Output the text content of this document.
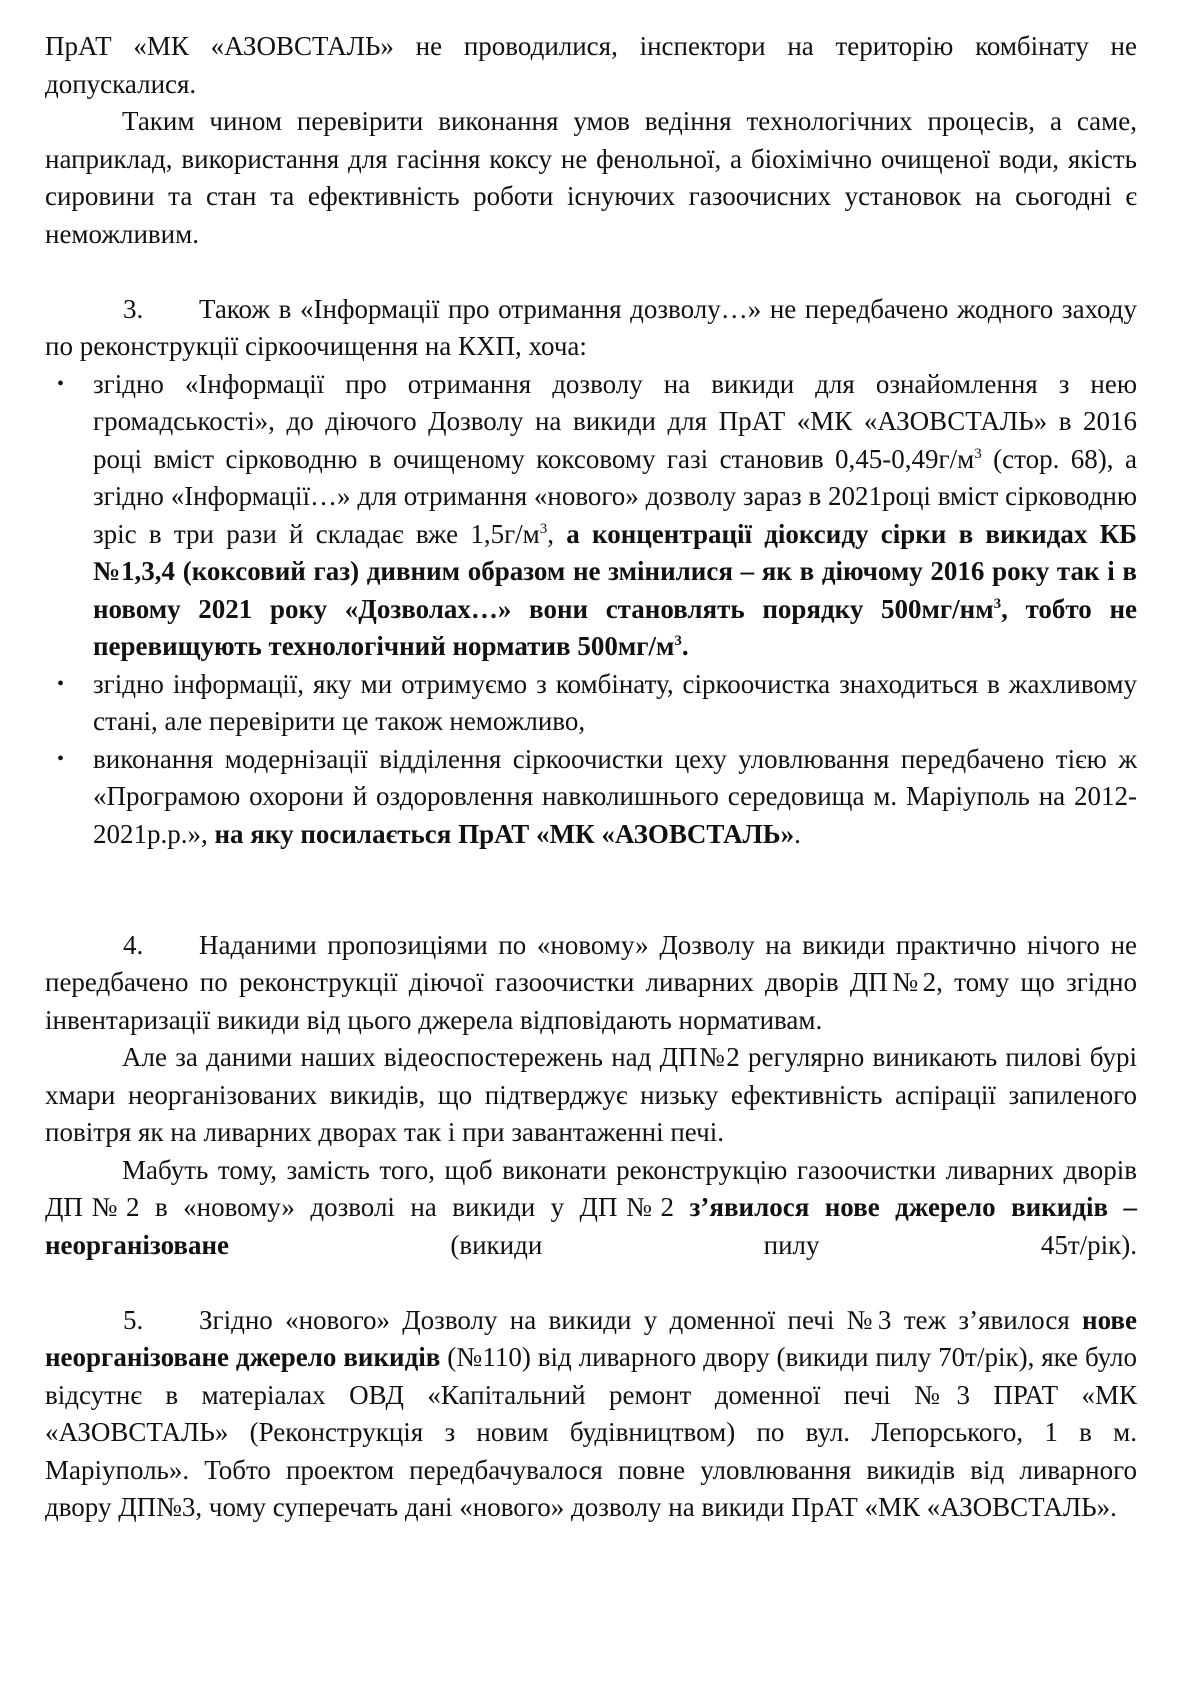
ПрАТ «МК «АЗОВСТАЛЬ» не проводилися, інспектори на територію комбінату не допускалися.

Таким чином перевірити виконання умов ведіння технологічних процесів, а саме, наприклад, використання для гасіння коксу не фенольної, а біохімічно очищеної води, якість сировини та стан та ефективність роботи існуючих газоочисних установок на сьогодні є неможливим.

3. Також в «Інформації про отримання дозволу…» не передбачено жодного заходу по реконструкції сіркоочищення на КХП, хоча:

• згідно «Інформації про отримання дозволу на викиди для ознайомлення з нею громадськості», до діючого Дозволу на викиди для ПрАТ «МК «АЗОВСТАЛЬ» в 2016 році вміст сірководню в очищеному коксовому газі становив $0,45-0,49г/м^3$ (стор. 68), а згідно «Інформації…» для отримання «нового» дозволу зараз в 2021році вміст сірководню зріс в три рази й складає вже $1,5г/м^3$, а концентрації діоксиду сірки в викидах КБ №1,3,4 (коксовий газ) дивним образом не змінилися – як в діючому 2016 року так і в новому 2021 року «Дозволах…» вони становлять порядку $500мг/нм^3$, тобто не перевищують технологічний норматив $500мг/м^3$.
• згідно інформації, яку ми отримуємо з комбінату, сіркоочистка знаходиться в жахливому стані, але перевірити це також неможливо,
• виконання модернізації відділення сіркоочистки цеху уловлювання передбачено тією ж «Програмою охорони й оздоровлення навколишнього середовища м. Маріуполь на 2012-2021р.р.», на яку посилається ПрАТ «МК «АЗОВСТАЛЬ».

4. Наданими пропозиціями по «новому» Дозволу на викиди практично нічого не передбачено по реконструкції діючої газоочистки ливарних дворів ДП№2, тому що згідно інвентаризації викиди від цього джерела відповідають нормативам.

Але за даними наших відеоспостережень над ДП№2 регулярно виникають пилові бурі хмари неорганізованих викидів, що підтверджує низьку ефективність аспірації запиленого повітря як на ливарних дворах так і при завантаженні печі.

Мабуть тому, замість того, щоб виконати реконструкцію газоочистки ливарних дворів ДП№2 в «новому» дозволі на викиди у ДП№2 з’явилося нове джерело викидів – неорганізоване (викиди пилу 45т/рік).

5. Згідно «нового» Дозволу на викиди у доменної печі №3 теж з’явилося нове неорганізоване джерело викидів (№110) від ливарного двору (викиди пилу 70т/рік), яке було відсутнє в матеріалах ОВД «Капітальний ремонт доменної печі №3 ПРАТ «МК «АЗОВСТАЛЬ» (Реконструкція з новим будівництвом) по вул. Лепорського, 1 в м. Маріуполь». Тобто проектом передбачувалося повне уловлювання викидів від ливарного двору ДП№3, чому суперечать дані «нового» дозволу на викиди ПрАТ «МК «АЗОВСТАЛЬ».
